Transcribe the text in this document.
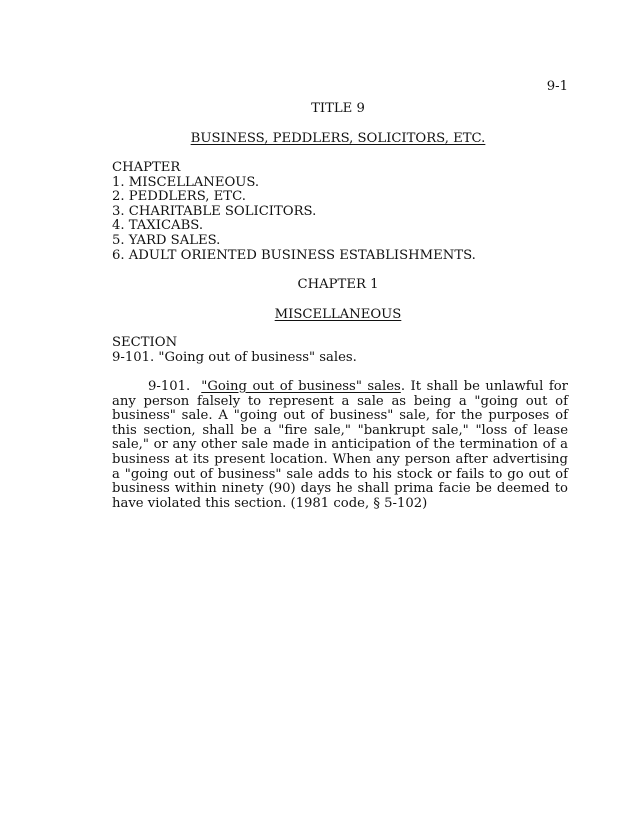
9-1
TITLE 9
BUSINESS, PEDDLERS, SOLICITORS, ETC.
CHAPTER
1. MISCELLANEOUS.
2. PEDDLERS, ETC.
3. CHARITABLE SOLICITORS.
4. TAXICABS.
5. YARD SALES.
6. ADULT ORIENTED BUSINESS ESTABLISHMENTS.
CHAPTER 1
MISCELLANEOUS
SECTION
9-101. "Going out of business" sales.

9-101. "Going out of business" sales. It shall be unlawful for any person falsely to represent a sale as being a "going out of business" sale. A "going out of business" sale, for the purposes of this section, shall be a "fire sale," "bankrupt sale," "loss of lease sale," or any other sale made in anticipation of the termination of a business at its present location. When any person after advertising a "going out of business" sale adds to his stock or fails to go out of business within ninety (90) days he shall prima facie be deemed to have violated this section. (1981 code, § 5-102)
